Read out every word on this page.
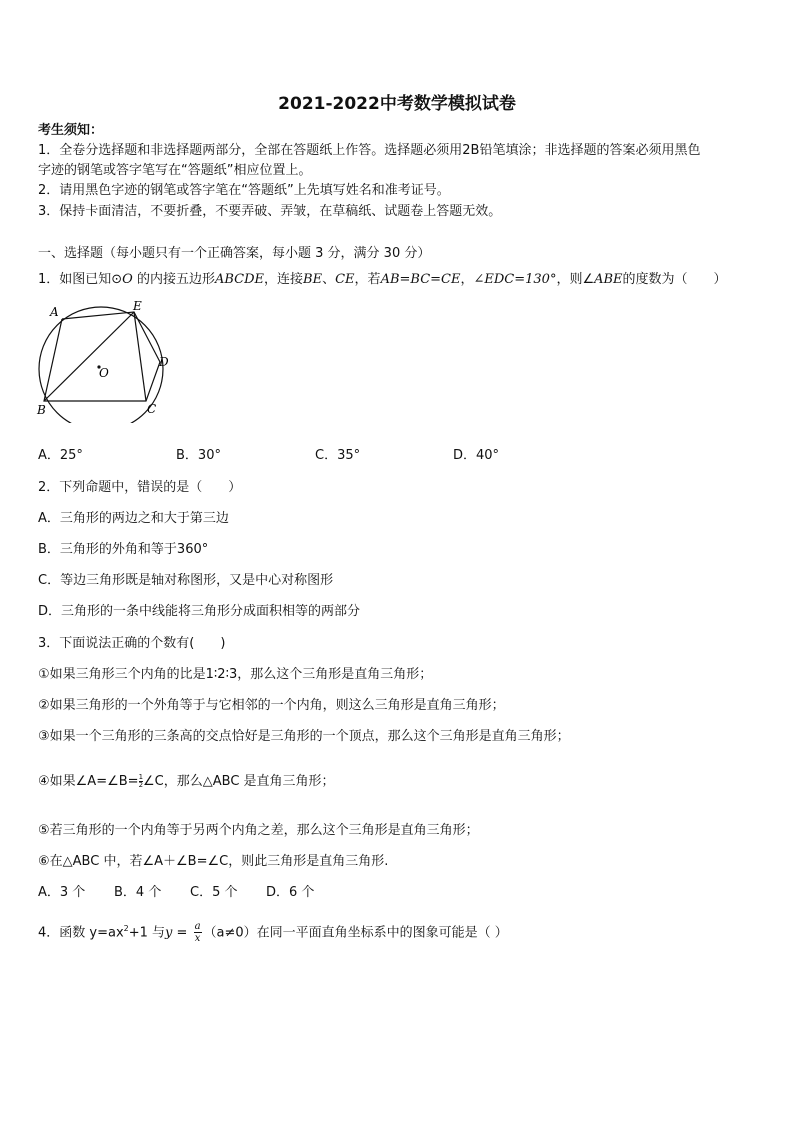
2021-2022中考数学模拟试卷
考生须知：
1．全卷分选择题和非选择题两部分，全部在答题纸上作答。选择题必须用2B铅笔填涂；非选择题的答案必须用黑色
字迹的钢笔或答字笔写在“答题纸”相应位置上。
2．请用黑色字迹的钢笔或答字笔在“答题纸”上先填写姓名和准考证号。
3．保持卡面清洁，不要折叠，不要弄破、弄皱，在草稿纸、试题卷上答题无效。
一、选择题（每小题只有一个正确答案，每小题 3 分，满分 30 分）
1．如图已知⊙O 的内接五边形ABCDE，连接BE、CE，若AB=BC=CE，∠EDC=130°，则∠ABE的度数为（　　）
A	E
D
C
B
O
A．25°	B．30°	C．35°	D．40°
2．下列命题中，错误的是（　　）
A．三角形的两边之和大于第三边
B．三角形的外角和等于360°
C．等边三角形既是轴对称图形，又是中心对称图形
D．三角形的一条中线能将三角形分成面积相等的两部分
3．下面说法正确的个数有(　　)
①如果三角形三个内角的比是1∶2∶3，那么这个三角形是直角三角形；
②如果三角形的一个外角等于与它相邻的一个内角，则这么三角形是直角三角形；
③如果一个三角形的三条高的交点恰好是三角形的一个顶点，那么这个三角形是直角三角形；
④如果∠A=∠B= $\frac{1}{2}$ ∠C，那么△ABC 是直角三角形；
⑤若三角形的一个内角等于另两个内角之差，那么这个三角形是直角三角形；
⑥在△ABC 中，若∠A＋∠B=∠C，则此三角形是直角三角形.
A．3 个 B．4 个 C．5 个 D．6 个
4．函数 $y=ax^2+1$ 与$y = \frac{a}{x} (a\ne 0)$在同一平面直角坐标系中的图象可能是（ ）
